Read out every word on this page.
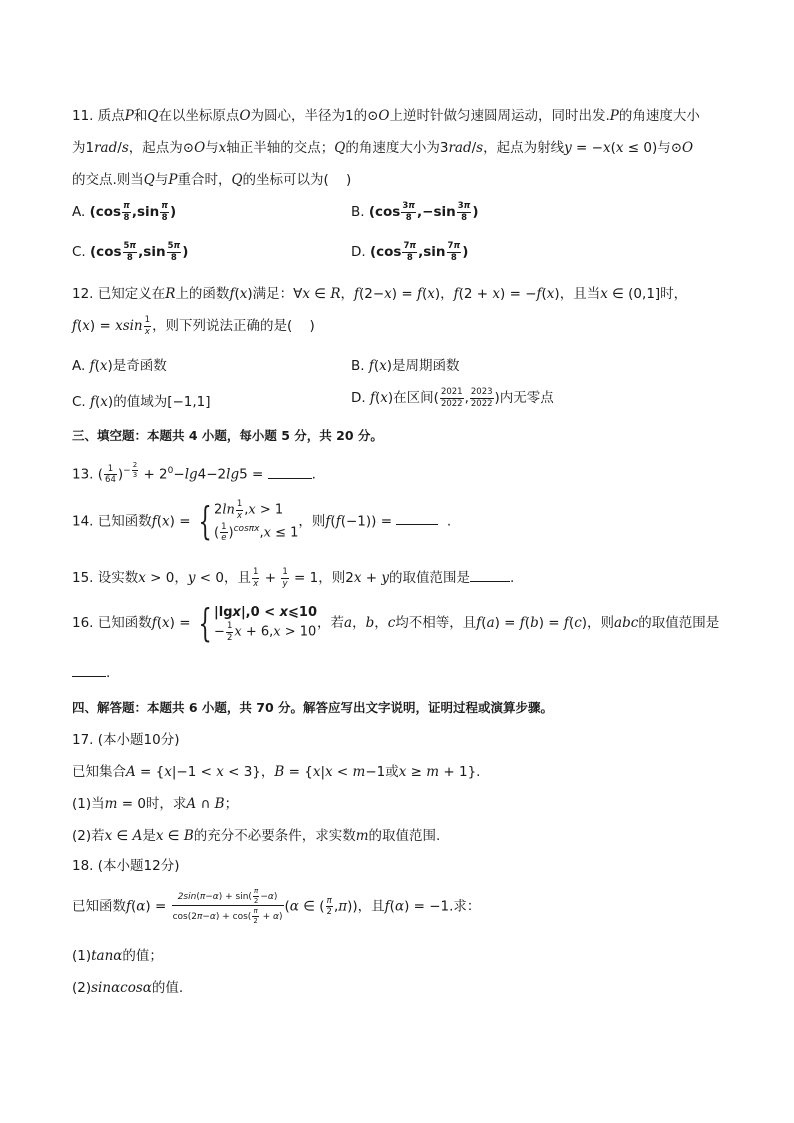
11. 质点P和Q在以坐标原点O为圆心，半径为1的⊙O上逆时针做匀速圆周运动，同时出发.P的角速度大小
为1rad/s，起点为⊙O与x轴正半轴的交点；Q的角速度大小为3rad/s，起点为射线y = −x(x ≤ 0)与⊙O
的交点.则当Q与P重合时，Q的坐标可以为(    )
A. ($\cos \frac{\pi}{8} ,\sin \frac{\pi}{8}$ )	B. ($\cos \frac{3\pi}{8} ,-\sin \frac{3\pi}{8}$ )
C. ($\cos \frac{5\pi}{8} ,\sin \frac{5\pi}{8}$ )	D. ($\cos \frac{7\pi}{8} ,\sin \frac{7\pi}{8}$ )
12. 已知定义在R上的函数f(x)满足：∀x ∈ R，f(2−x) = f(x)，f(2 + x) = −f(x)，且当x ∈ (0,1]时，
f(x) = xsin $\frac{1}{x}$ ，则下列说法正确的是(    )
A. f(x)是奇函数	B. f(x)是周期函数
C. f(x)的值域为[−1,1]	D. f(x)在区间( $\frac{2021}{2022}$ , $\frac{2023}{2022}$ )内无零点
三、填空题：本题共 4 小题，每小题 5 分，共 20 分。
13. ( $\frac{1}{64} )^{- \frac{2}{3}} + 2^0-\lg 4-2\lg 5$ =	.
14. 已知函数f(x) = { $2\ln \frac{1}{x} ,x > 1$
( $\frac{1}{e} )^{cos\pi x},x \le 1$
，则f(f(−1)) =	.
15. 设实数x > 0，y < 0，且 $\frac{1}{x} + \frac{1}{y} = 1$，则2x + y的取值范围是	.
16. 已知函数f(x) = { |lgx|,0 < x⩽10
− $\frac{1}{2}$ x + 6,x > 10
，若a，b，c均不相等，且f(a) = f(b) = f(c)，则abc的取值范围是
.
四、解答题：本题共 6 小题，共 70 分。解答应写出文字说明，证明过程或演算步骤。
17. (本小题10分)
已知集合A = {x|−1 < x < 3}，B = {x|x < m−1或x ≥ m + 1}.
(1)当m = 0时，求A ∩ B；
(2)若x ∈ A是x ∈ B的充分不必要条件，求实数m的取值范围.
18. (本小题12分)
已知函数$f(\alpha) = \frac{2\sin(\pi-\alpha) + \sin( \frac{\pi}{2} -\alpha)}{\cos(2\pi-\alpha) + \cos( \frac{\pi}{2} + \alpha)} (\alpha$ ∈ ( $\frac{\pi}{2} ,\pi$))，且f(α) = −1.求：
(1)tanα的值；
(2)sinαcosα的值.
